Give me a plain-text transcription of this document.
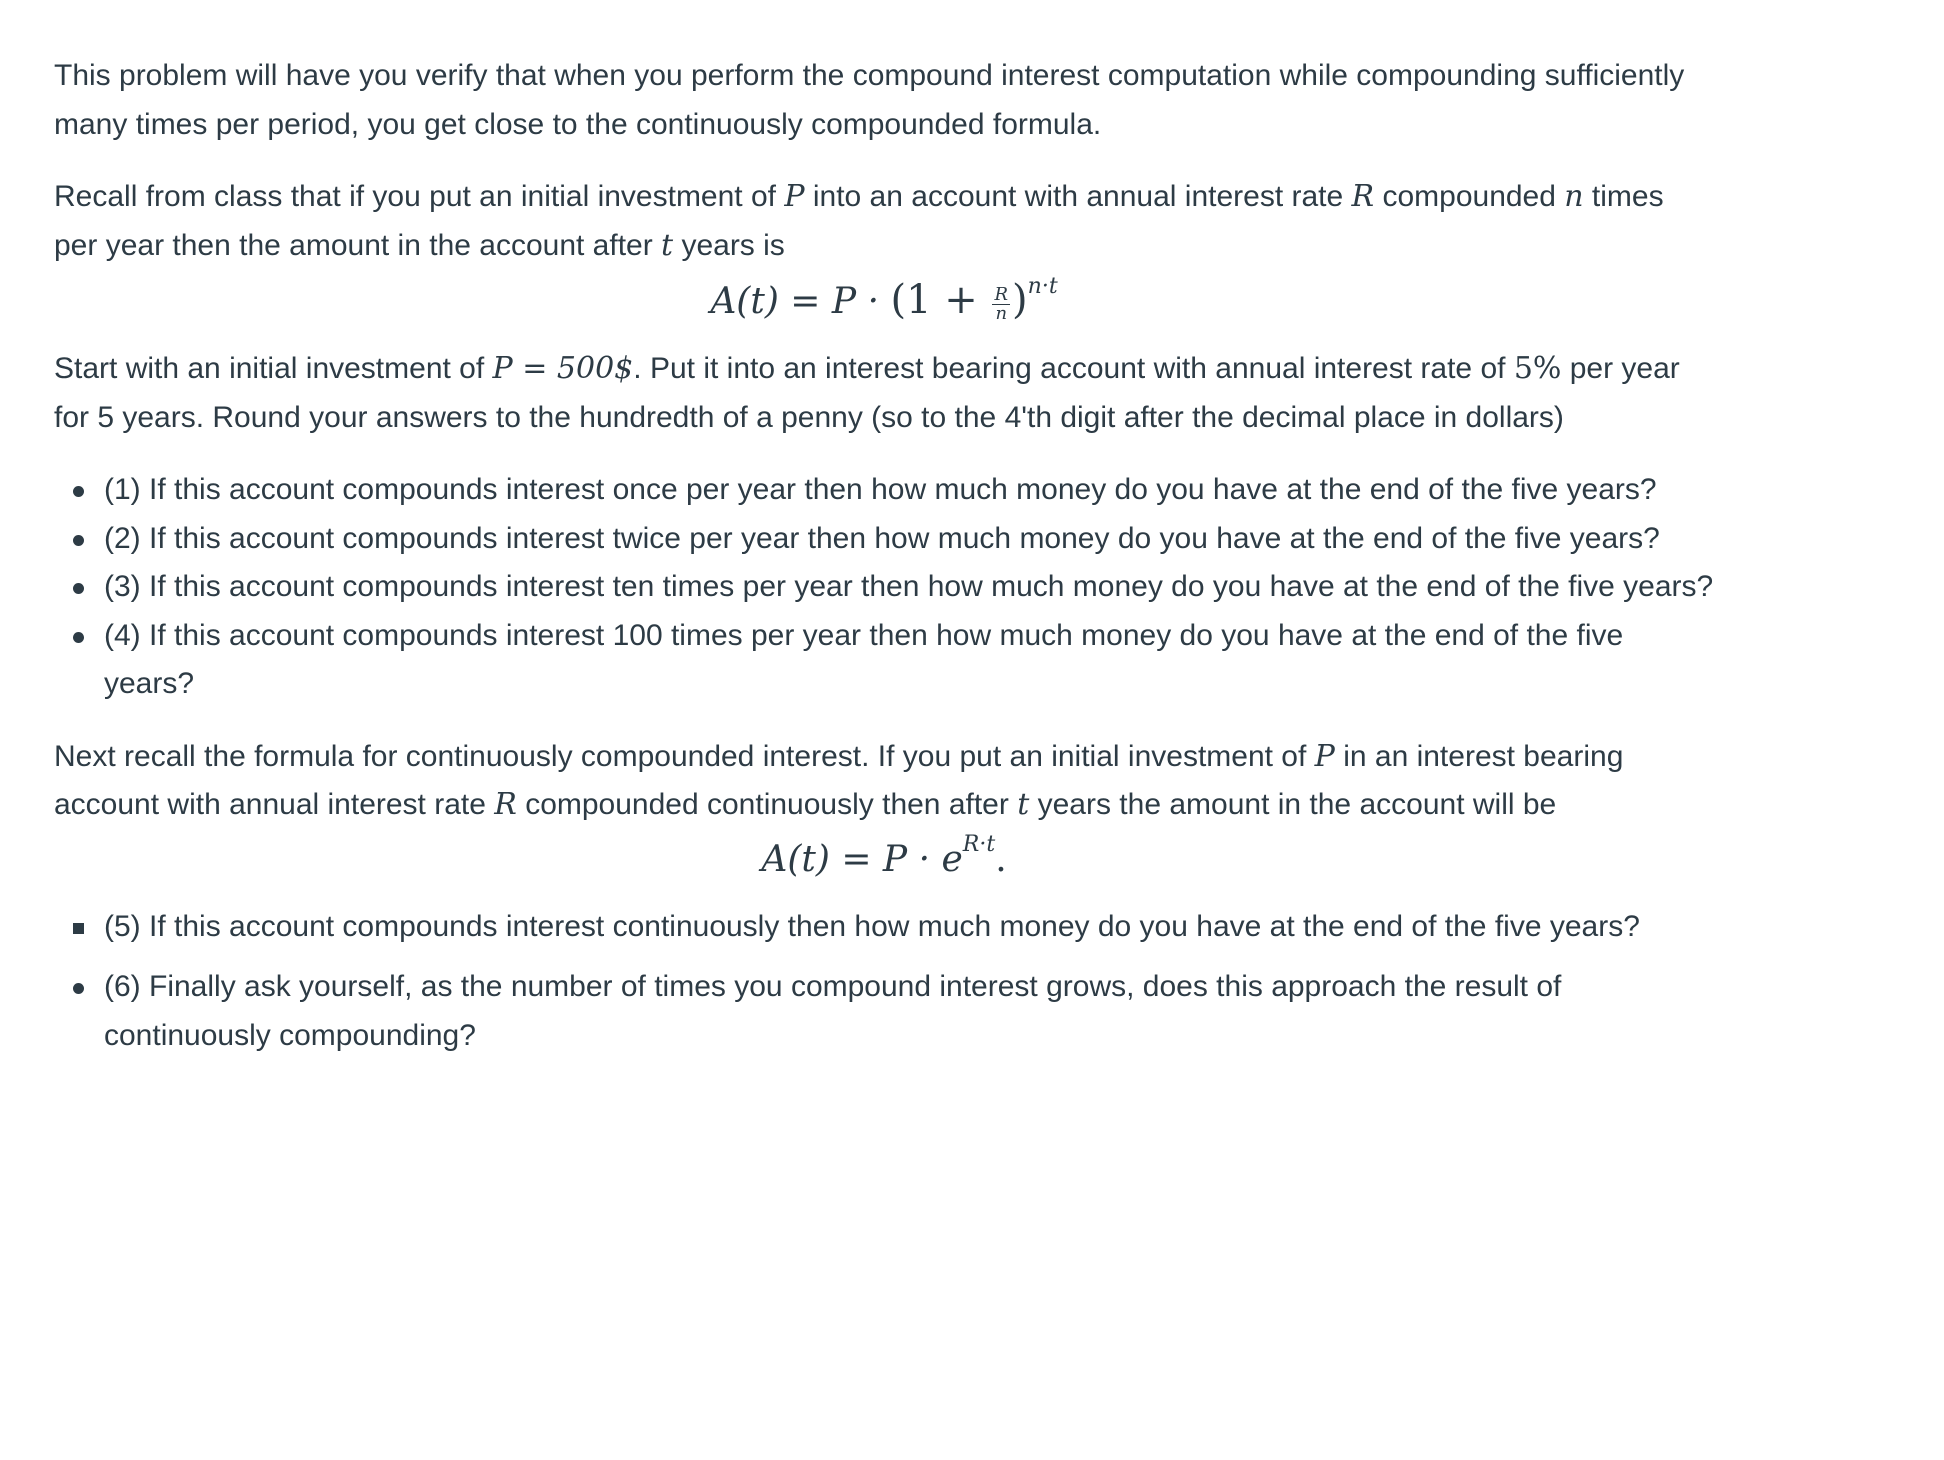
This problem will have you verify that when you perform the compound interest computation while compounding sufficiently many times per period, you get close to the continuously compounded formula.

Recall from class that if you put an initial investment of P into an account with annual interest rate R compounded n times per year then the amount in the account after t years is

$A(t) = P \cdot (1 + \frac{R}{n} )^{n\cdot t}$

Start with an initial investment of P = 500$. Put it into an interest bearing account with annual interest rate of 5% per year for 5 years. Round your answers to the hundredth of a penny (so to the 4'th digit after the decimal place in dollars)

(1) If this account compounds interest once per year then how much money do you have at the end of the five years?
(2) If this account compounds interest twice per year then how much money do you have at the end of the five years?
(3) If this account compounds interest ten times per year then how much money do you have at the end of the five years?
(4) If this account compounds interest 100 times per year then how much money do you have at the end of the five years?

Next recall the formula for continuously compounded interest. If you put an initial investment of P in an interest bearing account with annual interest rate R compounded continuously then after t years the amount in the account will be

$A(t) = P \cdot e^{R\cdot t}$.
(5) If this account compounds interest continuously then how much money do you have at the end of the five years?
(6) Finally ask yourself, as the number of times you compound interest grows, does this approach the result of continuously compounding?
